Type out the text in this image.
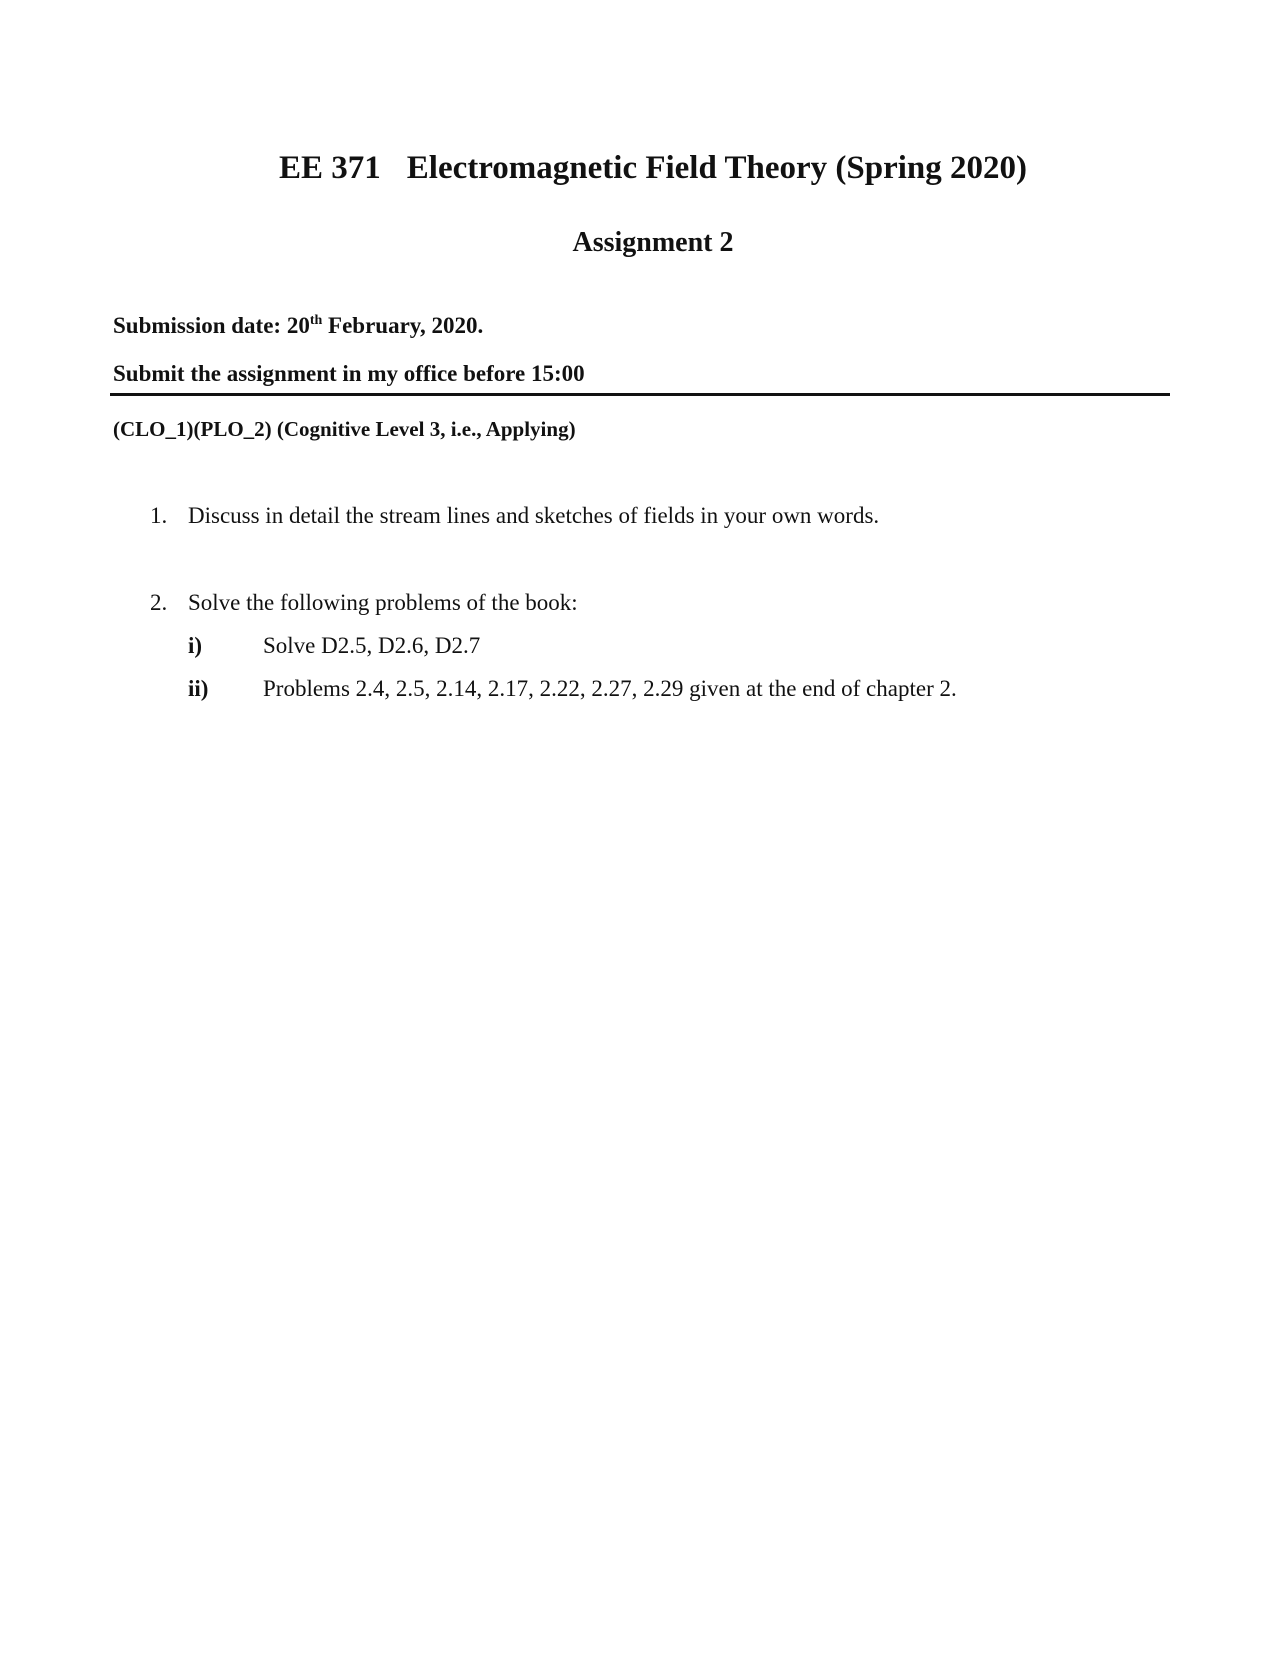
EE 371 Electromagnetic Field Theory (Spring 2020)
Assignment 2
Submission date: 20th February, 2020.
Submit the assignment in my office before 15:00
(CLO_1)(PLO_2) (Cognitive Level 3, i.e., Applying)
1. Discuss in detail the stream lines and sketches of fields in your own words.
2. Solve the following problems of the book:
i)	Solve D2.5, D2.6, D2.7
ii) Problems 2.4, 2.5, 2.14, 2.17, 2.22, 2.27, 2.29 given at the end of chapter 2.
